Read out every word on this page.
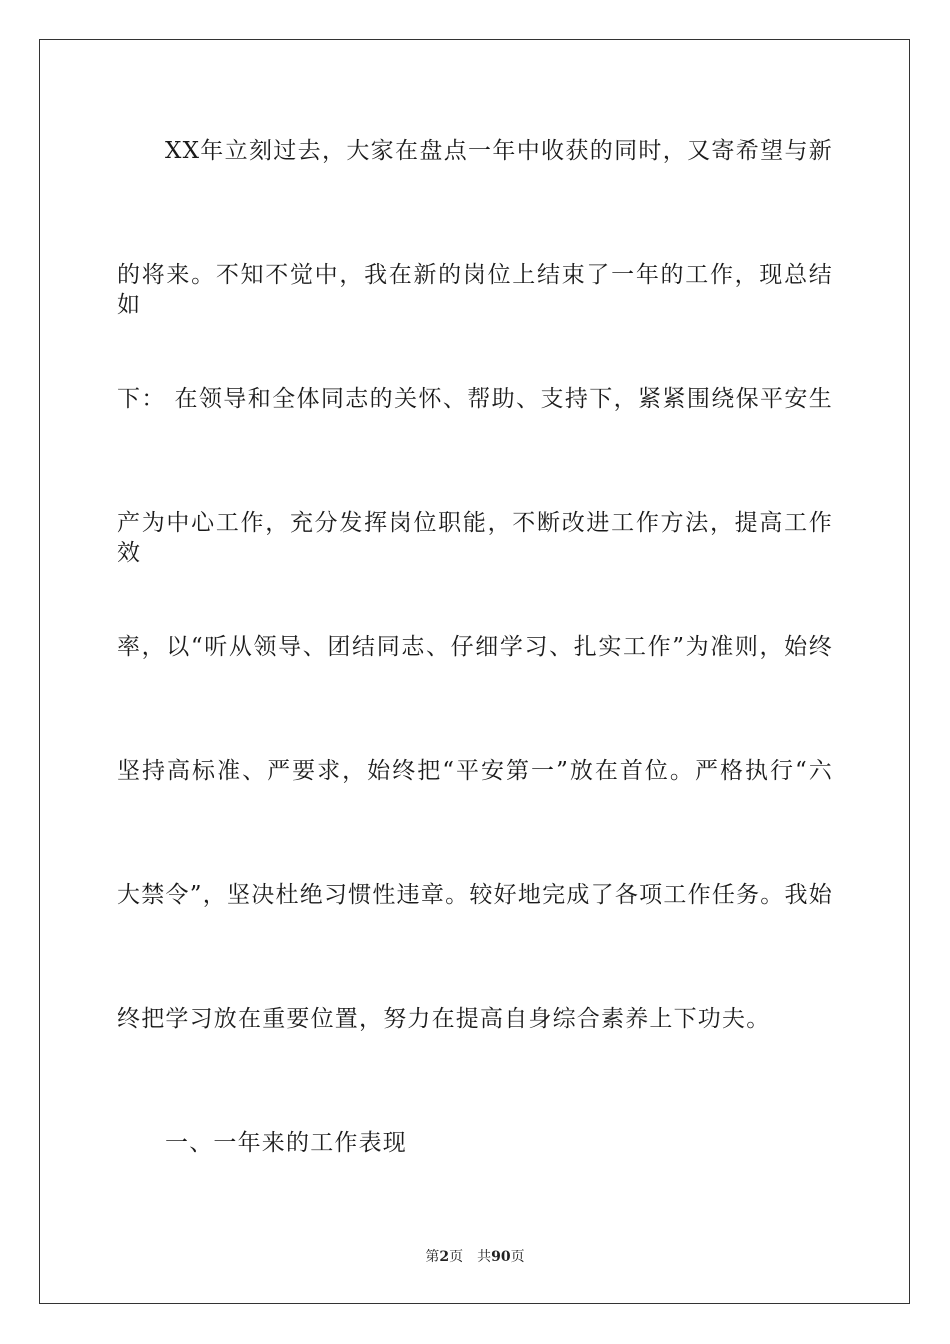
XX年立刻过去，大家在盘点一年中收获的同时，又寄希望与新
的将来。不知不觉中，我在新的岗位上结束了一年的工作，现总结如
下： 在领导和全体同志的关怀、帮助、支持下，紧紧围绕保平安生
产为中心工作，充分发挥岗位职能，不断改进工作方法，提高工作效
率，以“听从领导、团结同志、仔细学习、扎实工作”为准则，始终
坚持高标准、严要求，始终把“平安第一”放在首位。严格执行“六
大禁令”，坚决杜绝习惯性违章。较好地完成了各项工作任务。我始
终把学习放在重要位置，努力在提高自身综合素养上下功夫。
一、一年来的工作表现
第2页 共90页
